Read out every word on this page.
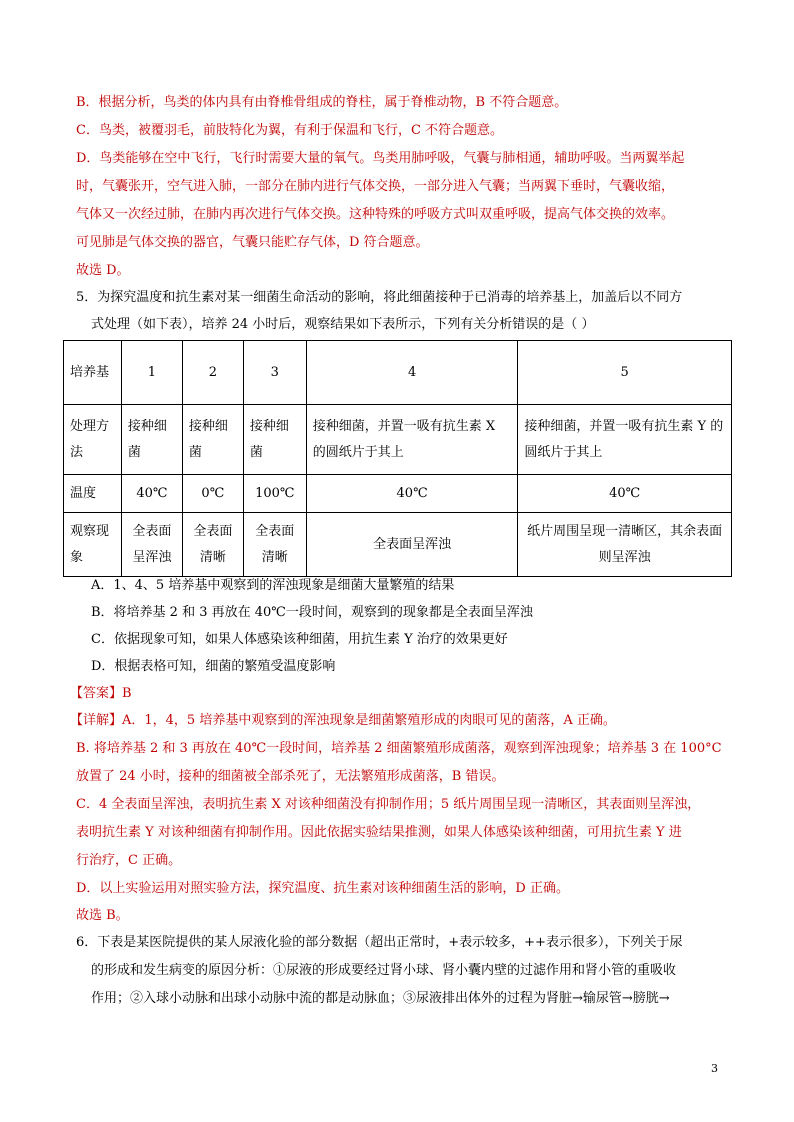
B．根据分析，鸟类的体内具有由脊椎骨组成的脊柱，属于脊椎动物，B 不符合题意。
C．鸟类，被覆羽毛，前肢特化为翼，有利于保温和飞行，C 不符合题意。
D．鸟类能够在空中飞行，飞行时需要大量的氧气。鸟类用肺呼吸，气囊与肺相通，辅助呼吸。当两翼举起
时，气囊张开，空气进入肺，一部分在肺内进行气体交换，一部分进入气囊；当两翼下垂时，气囊收缩，
气体又一次经过肺，在肺内再次进行气体交换。这种特殊的呼吸方式叫双重呼吸，提高气体交换的效率。
可见肺是气体交换的器官，气囊只能贮存气体，D 符合题意。
故选 D。
5．为探究温度和抗生素对某一细菌生命活动的影响，将此细菌接种于已消毒的培养基上，加盖后以不同方
式处理（如下表），培养 24 小时后，观察结果如下表所示，下列有关分析错误的是（ ）
培养基	1	2	3	4	5
处理方法	接种细菌	接种细菌	接种细菌	接种细菌，并置一吸有抗生素 X 的圆纸片于其上	接种细菌，并置一吸有抗生素 Y 的圆纸片于其上
温度	40℃	0℃	100℃	40℃	40℃
观察现象	全表面呈浑浊	全表面清晰	全表面清晰	全表面呈浑浊	纸片周围呈现一清晰区，其余表面则呈浑浊
A．1、4、5 培养基中观察到的浑浊现象是细菌大量繁殖的结果
B．将培养基 2 和 3 再放在 40℃一段时间，观察到的现象都是全表面呈浑浊
C．依据现象可知，如果人体感染该种细菌，用抗生素 Y 治疗的效果更好
D．根据表格可知，细菌的繁殖受温度影响
【答案】B
【详解】A．1，4，5 培养基中观察到的浑浊现象是细菌繁殖形成的肉眼可见的菌落，A 正确。
B. 将培养基 2 和 3 再放在 40℃一段时间，培养基 2 细菌繁殖形成菌落，观察到浑浊现象；培养基 3 在 100°C
放置了 24 小时，接种的细菌被全部杀死了，无法繁殖形成菌落，B 错误。
C．4 全表面呈浑浊，表明抗生素 X 对该种细菌没有抑制作用；5 纸片周围呈现一清晰区，其表面则呈浑浊，
表明抗生素 Y 对该种细菌有抑制作用。因此依据实验结果推测，如果人体感染该种细菌，可用抗生素 Y 进
行治疗，C 正确。
D．以上实验运用对照实验方法，探究温度、抗生素对该种细菌生活的影响，D 正确。
故选 B。
6．下表是某医院提供的某人尿液化验的部分数据（超出正常时，+表示较多，++表示很多），下列关于尿
的形成和发生病变的原因分析：①尿液的形成要经过肾小球、肾小囊内壁的过滤作用和肾小管的重吸收
作用；②入球小动脉和出球小动脉中流的都是动脉血；③尿液排出体外的过程为肾脏→输尿管→膀胱→
3
